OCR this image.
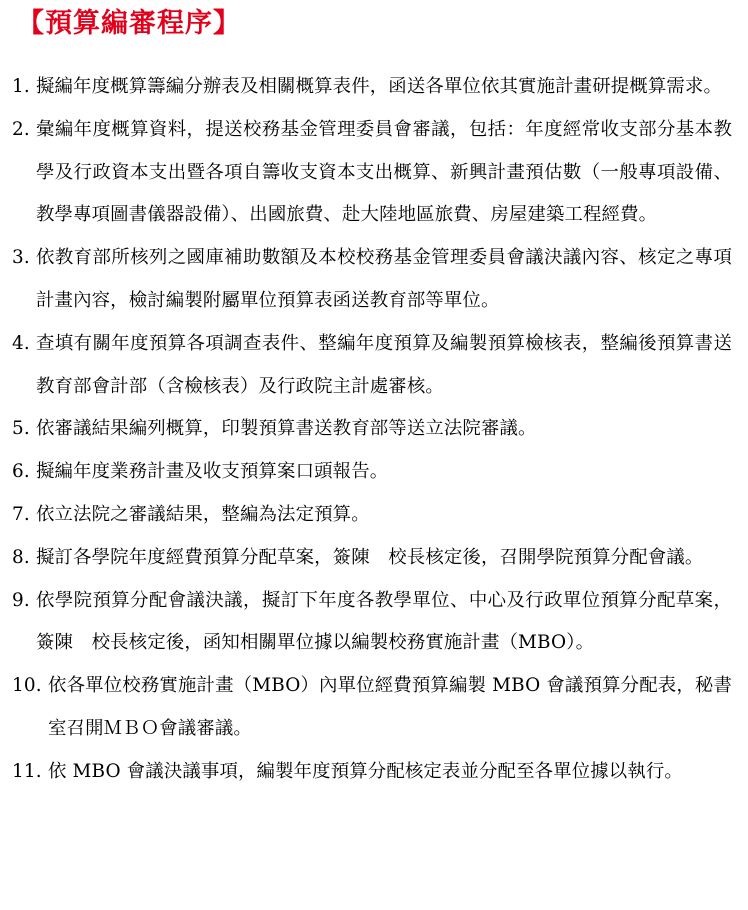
【預算編審程序】
1. 擬編年度概算籌編分辦表及相關概算表件，函送各單位依其實施計畫研提概算需求。
2. 彙編年度概算資料，提送校務基金管理委員會審議，包括：年度經常收支部分基本教學及行政資本支出暨各項自籌收支資本支出概算、新興計畫預估數（一般專項設備、教學專項圖書儀器設備）、出國旅費、赴大陸地區旅費、房屋建築工程經費。
3. 依教育部所核列之國庫補助數額及本校校務基金管理委員會議決議內容、核定之專項計畫內容，檢討編製附屬單位預算表函送教育部等單位。
4. 查填有關年度預算各項調查表件、整編年度預算及編製預算檢核表，整編後預算書送教育部會計部（含檢核表）及行政院主計處審核。
5. 依審議結果編列概算，印製預算書送教育部等送立法院審議。
6. 擬編年度業務計畫及收支預算案口頭報告。
7. 依立法院之審議結果，整編為法定預算。
8. 擬訂各學院年度經費預算分配草案，簽陳　校長核定後，召開學院預算分配會議。
9. 依學院預算分配會議決議，擬訂下年度各教學單位、中心及行政單位預算分配草案，簽陳　校長核定後，函知相關單位據以編製校務實施計畫（MBO）。
10. 依各單位校務實施計畫（MBO）內單位經費預算編製 MBO 會議預算分配表，秘書室召開ＭＢＯ會議審議。
11. 依 MBO 會議決議事項，編製年度預算分配核定表並分配至各單位據以執行。
